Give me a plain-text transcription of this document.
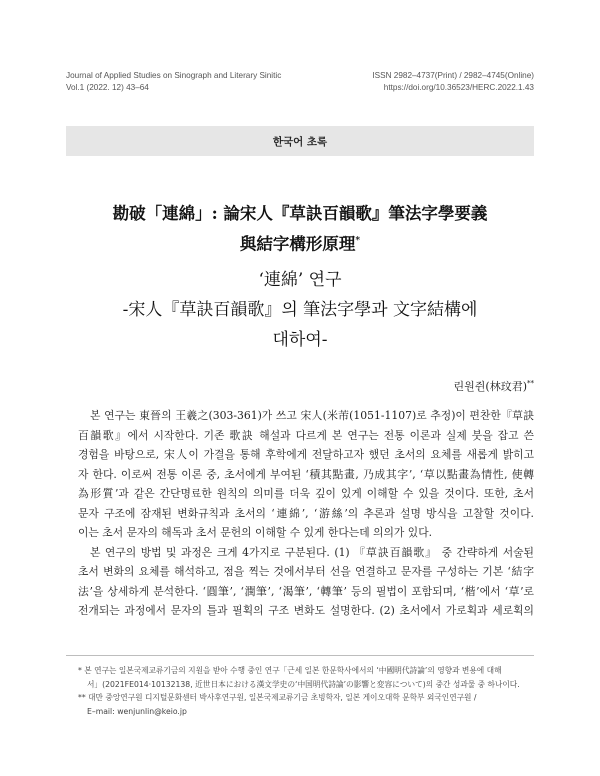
Journal of Applied Studies on Sinograph and Literary Sinitic
Vol.1 (2022. 12) 43–64
ISSN 2982–4737(Print) / 2982–4745(Online)
https://doi.org/10.36523/HERC.2022.1.43
한국어 초록
勘破「連綿」: 論宋人『草訣百韻歌』筆法字學要義
與結字構形原理*
‘連綿’ 연구
-宋人『草訣百韻歌』의 筆法字學과 文字結構에
대하여-
린원쥔(林玟君)**
본 연구는 東晉의 王羲之(303-361)가 쓰고 宋人(米芾(1051-1107)로 추정)이 편찬한『草訣
百韻歌』에서 시작한다. 기존 歌訣 해설과 다르게 본 연구는 전통 이론과 실제 붓을 잡고 쓴
경험을 바탕으로, 宋人이 가결을 통해 후학에게 전달하고자 했던 초서의 요체를 새롭게 밝히고
자 한다. 이로써 전통 이론 중, 초서에게 부여된 ‘積其點畫, 乃成其字’, ‘草以點畫為情性, 使轉
為形質’과 같은 간단명료한 원칙의 의미를 더욱 깊이 있게 이해할 수 있을 것이다. 또한, 초서
문자 구조에 잠재된 변화규칙과 초서의 ‘連綿’, ‘游絲’의 추론과 설명 방식을 고찰할 것이다.
이는 초서 문자의 해독과 초서 문헌의 이해할 수 있게 한다는데 의의가 있다.
본 연구의 방법 및 과정은 크게 4가지로 구분된다. (1) 『草訣百韻歌』 중 간략하게 서술된
초서 변화의 요체를 해석하고, 점을 찍는 것에서부터 선을 연결하고 문자를 구성하는 기본 ‘結字
法’을 상세하게 분석한다. ‘圓筆’, ‘潤筆’, ‘渴筆’, ‘轉筆’ 등의 필법이 포함되며, ‘楷’에서 ‘草’로
전개되는 과정에서 문자의 틀과 필획의 구조 변화도 설명한다. (2) 초서에서 가로획과 세로획의
* 본 연구는 일본국제교류기금의 지원을 받아 수행 중인 연구「근세 일본 한문학사에서의 ‘中國明代詩論’의 영향과 변용에 대해
서」(2021FE014·10132138, 近世日本における漢文学史の‘中国明代詩論’の影響と変容について)의 중간 성과물 중 하나이다.
** 대만 중앙연구원 디지털문화센터 박사후연구원, 일본국제교류기금 초빙학자, 일본 게이오대학 문학부 외국인연구원 /
E–mail: wenjunlin@keio.jp
